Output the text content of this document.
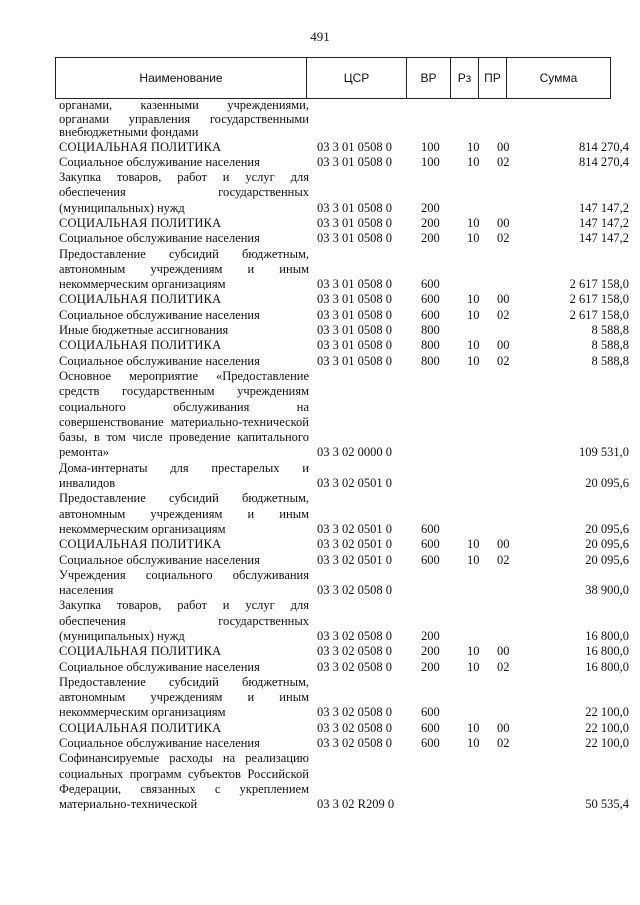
491
Наименование	ЦСР	ВР	Рз	ПР	Сумма
органами, казенными учреждениями, органами управления государственными внебюджетными фондами					
СОЦИАЛЬНАЯ ПОЛИТИКА	03 3 01 0508 0	100	10	00	814 270,4
Социальное обслуживание населения	03 3 01 0508 0	100	10	02	814 270,4
Закупка товаров, работ и услуг для обеспечения государственных (муниципальных) нужд	03 3 01 0508 0	200			147 147,2
СОЦИАЛЬНАЯ ПОЛИТИКА	03 3 01 0508 0	200	10	00	147 147,2
Социальное обслуживание населения	03 3 01 0508 0	200	10	02	147 147,2
Предоставление субсидий бюджетным, автономным учреждениям и иным некоммерческим организациям	03 3 01 0508 0	600			2 617 158,0
СОЦИАЛЬНАЯ ПОЛИТИКА	03 3 01 0508 0	600	10	00	2 617 158,0
Социальное обслуживание населения	03 3 01 0508 0	600	10	02	2 617 158,0
Иные бюджетные ассигнования	03 3 01 0508 0	800			8 588,8
СОЦИАЛЬНАЯ ПОЛИТИКА	03 3 01 0508 0	800	10	00	8 588,8
Социальное обслуживание населения	03 3 01 0508 0	800	10	02	8 588,8
Основное мероприятие «Предоставление средств государственным учреждениям социального обслуживания на совершенствование материально-технической базы, в том числе проведение капитального ремонта»	03 3 02 0000 0				109 531,0
Дома-интернаты для престарелых и инвалидов	03 3 02 0501 0				20 095,6
Предоставление субсидий бюджетным, автономным учреждениям и иным некоммерческим организациям	03 3 02 0501 0	600			20 095,6
СОЦИАЛЬНАЯ ПОЛИТИКА	03 3 02 0501 0	600	10	00	20 095,6
Социальное обслуживание населения	03 3 02 0501 0	600	10	02	20 095,6
Учреждения социального обслуживания населения	03 3 02 0508 0				38 900,0
Закупка товаров, работ и услуг для обеспечения государственных (муниципальных) нужд	03 3 02 0508 0	200			16 800,0
СОЦИАЛЬНАЯ ПОЛИТИКА	03 3 02 0508 0	200	10	00	16 800,0
Социальное обслуживание населения	03 3 02 0508 0	200	10	02	16 800,0
Предоставление субсидий бюджетным, автономным учреждениям и иным некоммерческим организациям	03 3 02 0508 0	600			22 100,0
СОЦИАЛЬНАЯ ПОЛИТИКА	03 3 02 0508 0	600	10	00	22 100,0
Социальное обслуживание населения	03 3 02 0508 0	600	10	02	22 100,0
Софинансируемые расходы на реализацию социальных программ субъектов Российской Федерации, связанных с укреплением материально-технической	03 3 02 R209 0				50 535,4
